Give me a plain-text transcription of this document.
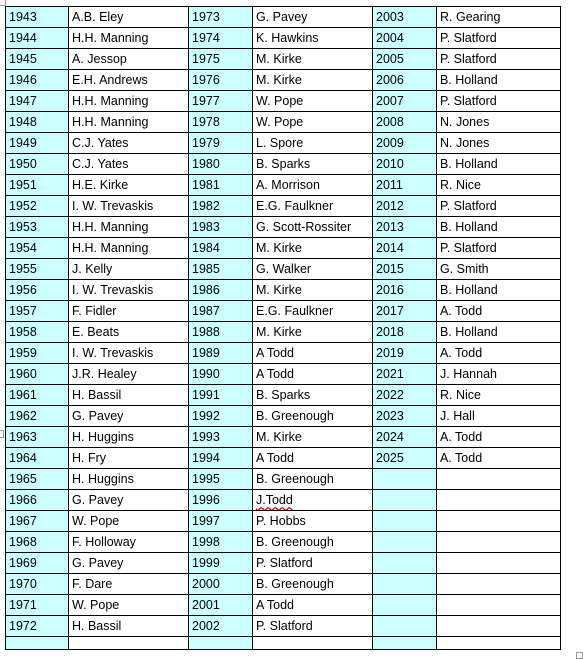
1943	A.B. Eley	1973	G. Pavey	2003	R. Gearing
1944	H.H. Manning	1974	K. Hawkins	2004	P. Slatford
1945	A. Jessop	1975	M. Kirke	2005	P. Slatford
1946	E.H. Andrews	1976	M. Kirke	2006	B. Holland
1947	H.H. Manning	1977	W. Pope	2007	P. Slatford
1948	H.H. Manning	1978	W. Pope	2008	N. Jones
1949	C.J. Yates	1979	L. Spore	2009	N. Jones
1950	C.J. Yates	1980	B. Sparks	2010	B. Holland
1951	H.E. Kirke	1981	A. Morrison	2011	R. Nice
1952	I. W. Trevaskis	1982	E.G. Faulkner	2012	P. Slatford
1953	H.H. Manning	1983	G. Scott-Rossiter	2013	B. Holland
1954	H.H. Manning	1984	M. Kirke	2014	P. Slatford
1955	J. Kelly	1985	G. Walker	2015	G. Smith
1956	I. W. Trevaskis	1986	M. Kirke	2016	B. Holland
1957	F. Fidler	1987	E.G. Faulkner	2017	A. Todd
1958	E. Beats	1988	M. Kirke	2018	B. Holland
1959	I. W. Trevaskis	1989	A Todd	2019	A. Todd
1960	J.R. Healey	1990	A Todd	2021	J. Hannah
1961	H. Bassil	1991	B. Sparks	2022	R. Nice
1962	G. Pavey	1992	B. Greenough	2023	J. Hall
1963	H. Huggins	1993	M. Kirke	2024	A. Todd
1964	H. Fry	1994	A Todd	2025	A. Todd
1965	H. Huggins	1995	B. Greenough		
1966	G. Pavey	1996	J.Todd		
1967	W. Pope	1997	P. Hobbs		
1968	F. Holloway	1998	B. Greenough		
1969	G. Pavey	1999	P. Slatford		
1970	F. Dare	2000	B. Greenough		
1971	W. Pope	2001	A Todd		
1972	H. Bassil	2002	P. Slatford		
